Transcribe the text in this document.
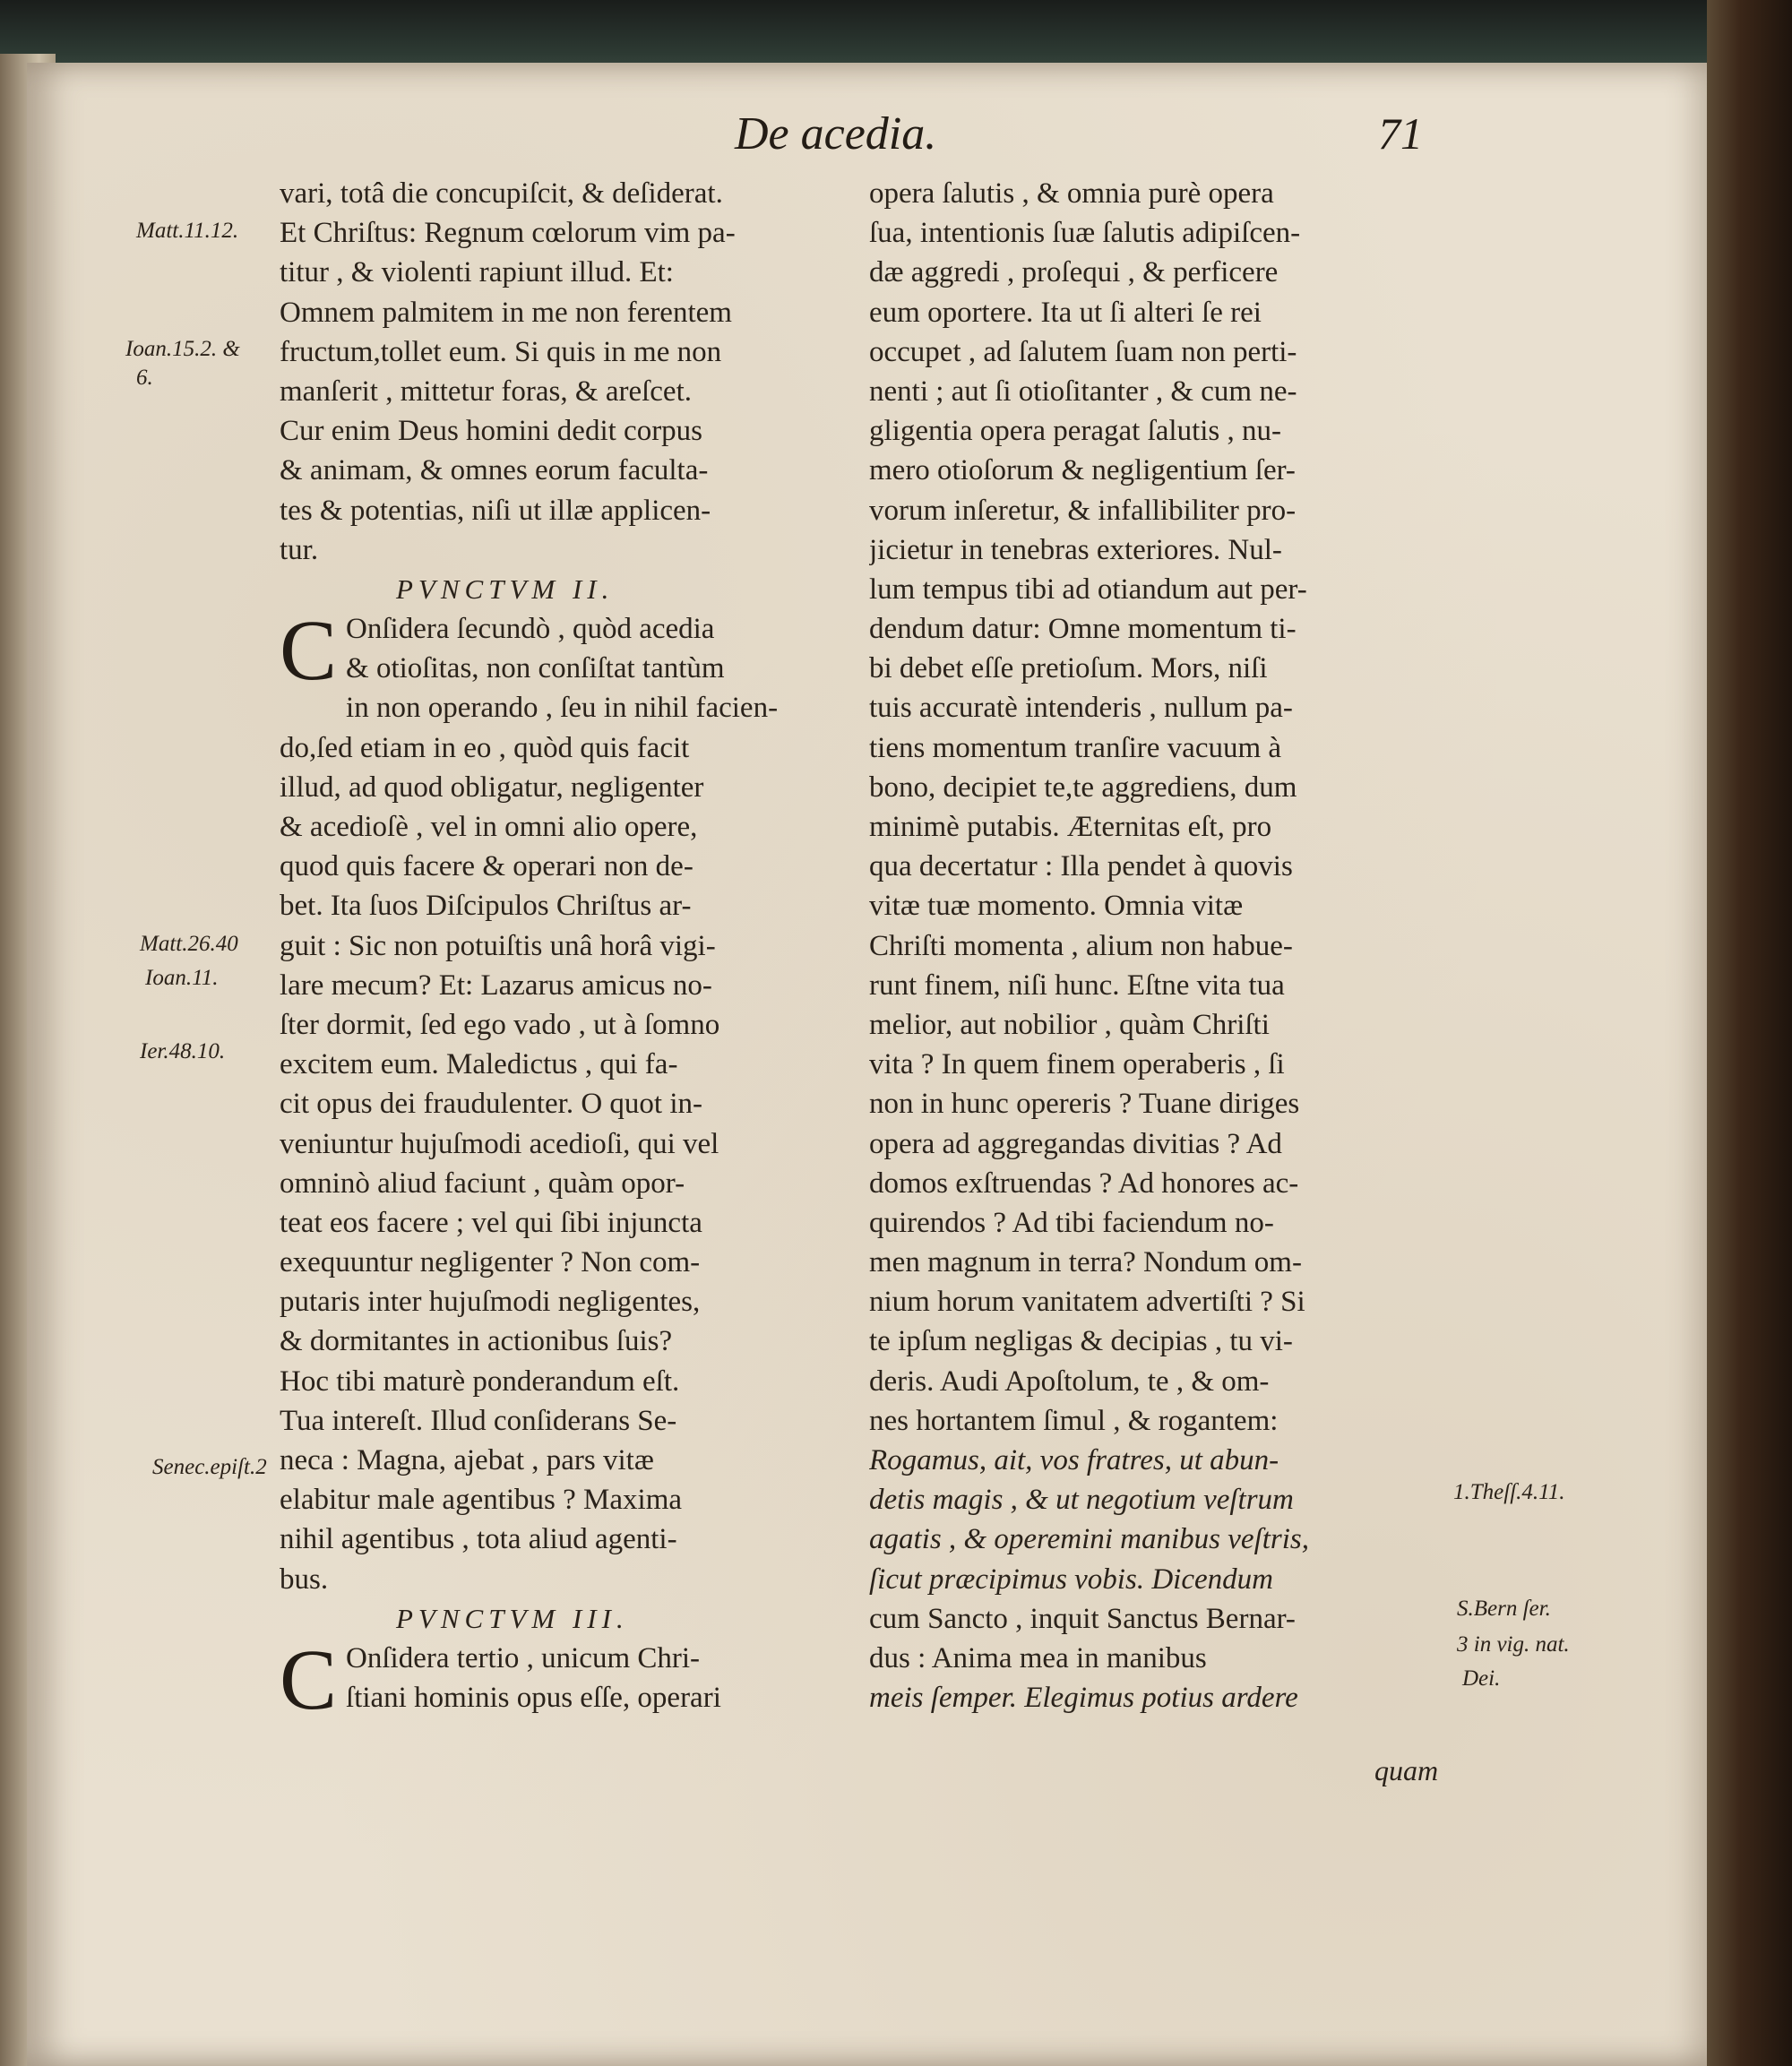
De acedia.	71
Matt.11.12.
Ioan.15.2. &
6.
Matt.26.40
Ioan.11.
Ier.48.10.
Senec.epiſt.2
1.Theſſ.4.11.
S.Bern ſer.
3 in vig. nat.
Dei.
vari, totâ die concupiſcit, & deſiderat.
Et Chriſtus: Regnum cœlorum vim pa-
titur , & violenti rapiunt illud. Et:
Omnem palmitem in me non ferentem
fructum,tollet eum. Si quis in me non
manſerit , mittetur foras, & areſcet.
Cur enim Deus homini dedit corpus
& animam, & omnes eorum faculta-
tes & potentias, niſi ut illæ applicen-
tur.
PVNCTVM II.
C Onſidera ſecundò , quòd acedia
& otioſitas, non conſiſtat tantùm
in non operando , ſeu in nihil facien-
do,ſed etiam in eo , quòd quis facit
illud, ad quod obligatur, negligenter
& acedioſè , vel in omni alio opere,
quod quis facere & operari non de-
bet. Ita ſuos Diſcipulos Chriſtus ar-
guit : Sic non potuiſtis unâ horâ vigi-
lare mecum? Et: Lazarus amicus no-
ſter dormit, ſed ego vado , ut à ſomno
excitem eum. Maledictus , qui fa-
cit opus dei fraudulenter. O quot in-
veniuntur hujuſmodi acedioſi, qui vel
omninò aliud faciunt , quàm opor-
teat eos facere ; vel qui ſibi injuncta
exequuntur negligenter ? Non com-
putaris inter hujuſmodi negligentes,
& dormitantes in actionibus ſuis?
Hoc tibi maturè ponderandum eſt.
Tua intereſt. Illud conſiderans Se-
neca : Magna, ajebat , pars vitæ
elabitur male agentibus ? Maxima
nihil agentibus , tota aliud agenti-
bus.
PVNCTVM III.
C Onſidera tertio , unicum Chri-
ſtiani hominis opus eſſe, operari
opera ſalutis , & omnia purè opera
ſua, intentionis ſuæ ſalutis adipiſcen-
dæ aggredi , proſequi , & perficere
eum oportere. Ita ut ſi alteri ſe rei
occupet , ad ſalutem ſuam non perti-
nenti ; aut ſi otioſitanter , & cum ne-
gligentia opera peragat ſalutis , nu-
mero otioſorum & negligentium ſer-
vorum inſeretur, & infallibiliter pro-
jicietur in tenebras exteriores. Nul-
lum tempus tibi ad otiandum aut per-
dendum datur: Omne momentum ti-
bi debet eſſe pretioſum. Mors, niſi
tuis accuratè intenderis , nullum pa-
tiens momentum tranſire vacuum à
bono, decipiet te,te aggrediens, dum
minimè putabis. Æternitas eſt, pro
qua decertatur : Illa pendet à quovis
vitæ tuæ momento. Omnia vitæ
Chriſti momenta , alium non habue-
runt finem, niſi hunc. Eſtne vita tua
melior, aut nobilior , quàm Chriſti
vita ? In quem finem operaberis , ſi
non in hunc opereris ? Tuane diriges
opera ad aggregandas divitias ? Ad
domos exſtruendas ? Ad honores ac-
quirendos ? Ad tibi faciendum no-
men magnum in terra? Nondum om-
nium horum vanitatem advertiſti ? Si
te ipſum negligas & decipias , tu vi-
deris. Audi Apoſtolum, te , & om-
nes hortantem ſimul , & rogantem:
Rogamus, ait, vos fratres, ut abun-
detis magis , & ut negotium veſtrum
agatis , & operemini manibus veſtris,
ſicut præcipimus vobis. Dicendum
cum Sancto , inquit Sanctus Bernar-
dus : Anima mea in manibus
meis ſemper. Elegimus potius ardere
quam
